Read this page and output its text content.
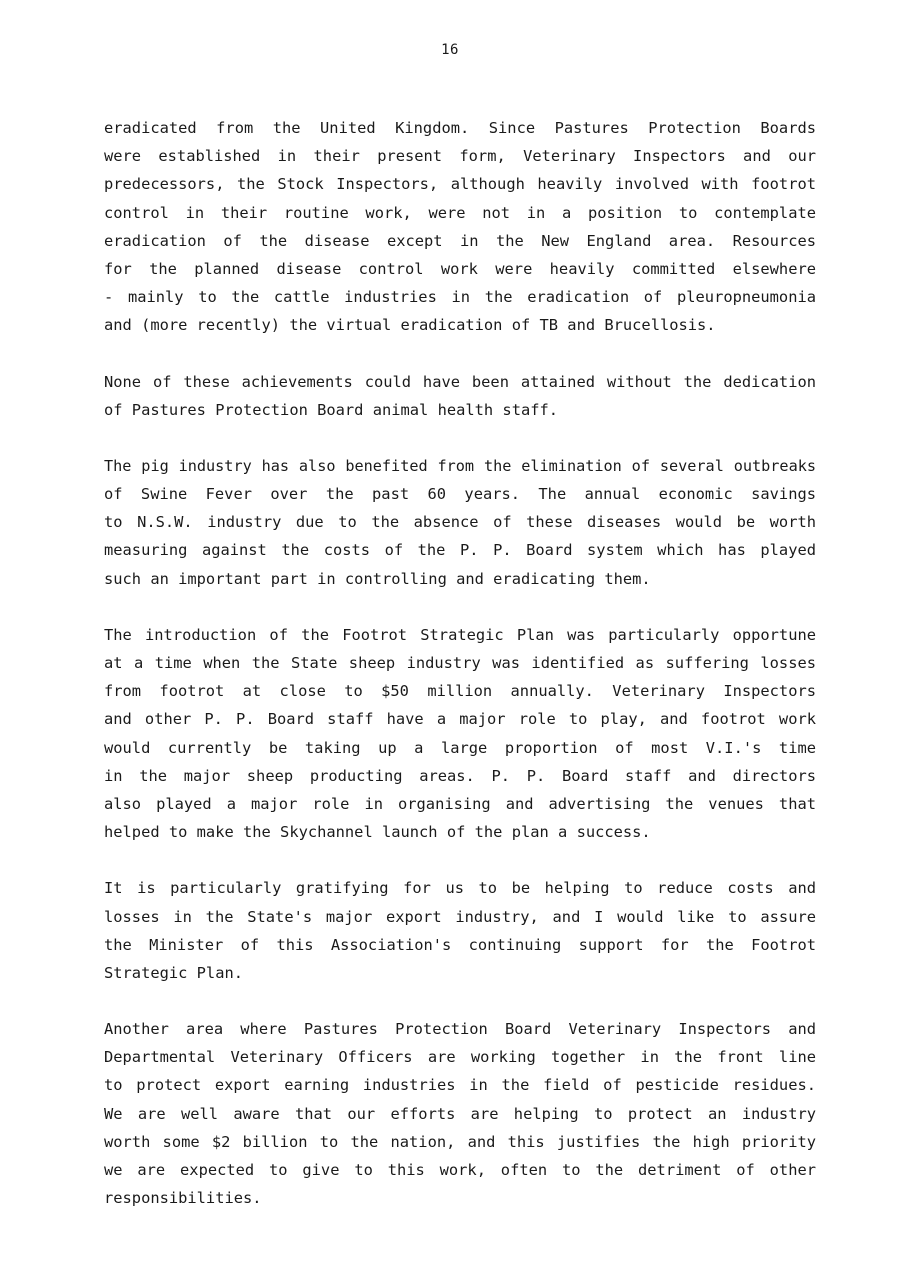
16
eradicated from the United Kingdom. Since Pastures Protection Boards
were established in their present form, Veterinary Inspectors and our
predecessors, the Stock Inspectors, although heavily involved with footrot
control in their routine work, were not in a position to contemplate
eradication of the disease except in the New England area. Resources
for the planned disease control work were heavily committed elsewhere
- mainly to the cattle industries in the eradication of pleuropneumonia
and (more recently) the virtual eradication of TB and Brucellosis.
None of these achievements could have been attained without the dedication
of Pastures Protection Board animal health staff.
The pig industry has also benefited from the elimination of several outbreaks
of Swine Fever over the past 60 years. The annual economic savings
to N.S.W. industry due to the absence of these diseases would be worth
measuring against the costs of the P. P. Board system which has played
such an important part in controlling and eradicating them.
The introduction of the Footrot Strategic Plan was particularly opportune
at a time when the State sheep industry was identified as suffering losses
from footrot at close to $50 million annually. Veterinary Inspectors
and other P. P. Board staff have a major role to play, and footrot work
would currently be taking up a large proportion of most V.I.'s time
in the major sheep producting areas. P. P. Board staff and directors
also played a major role in organising and advertising the venues that
helped to make the Skychannel launch of the plan a success.
It is particularly gratifying for us to be helping to reduce costs and
losses in the State's major export industry, and I would like to assure
the Minister of this Association's continuing support for the Footrot
Strategic Plan.
Another area where Pastures Protection Board Veterinary Inspectors and
Departmental Veterinary Officers are working together in the front line
to protect export earning industries in the field of pesticide residues.
We are well aware that our efforts are helping to protect an industry
worth some $2 billion to the nation, and this justifies the high priority
we are expected to give to this work, often to the detriment of other
responsibilities.
